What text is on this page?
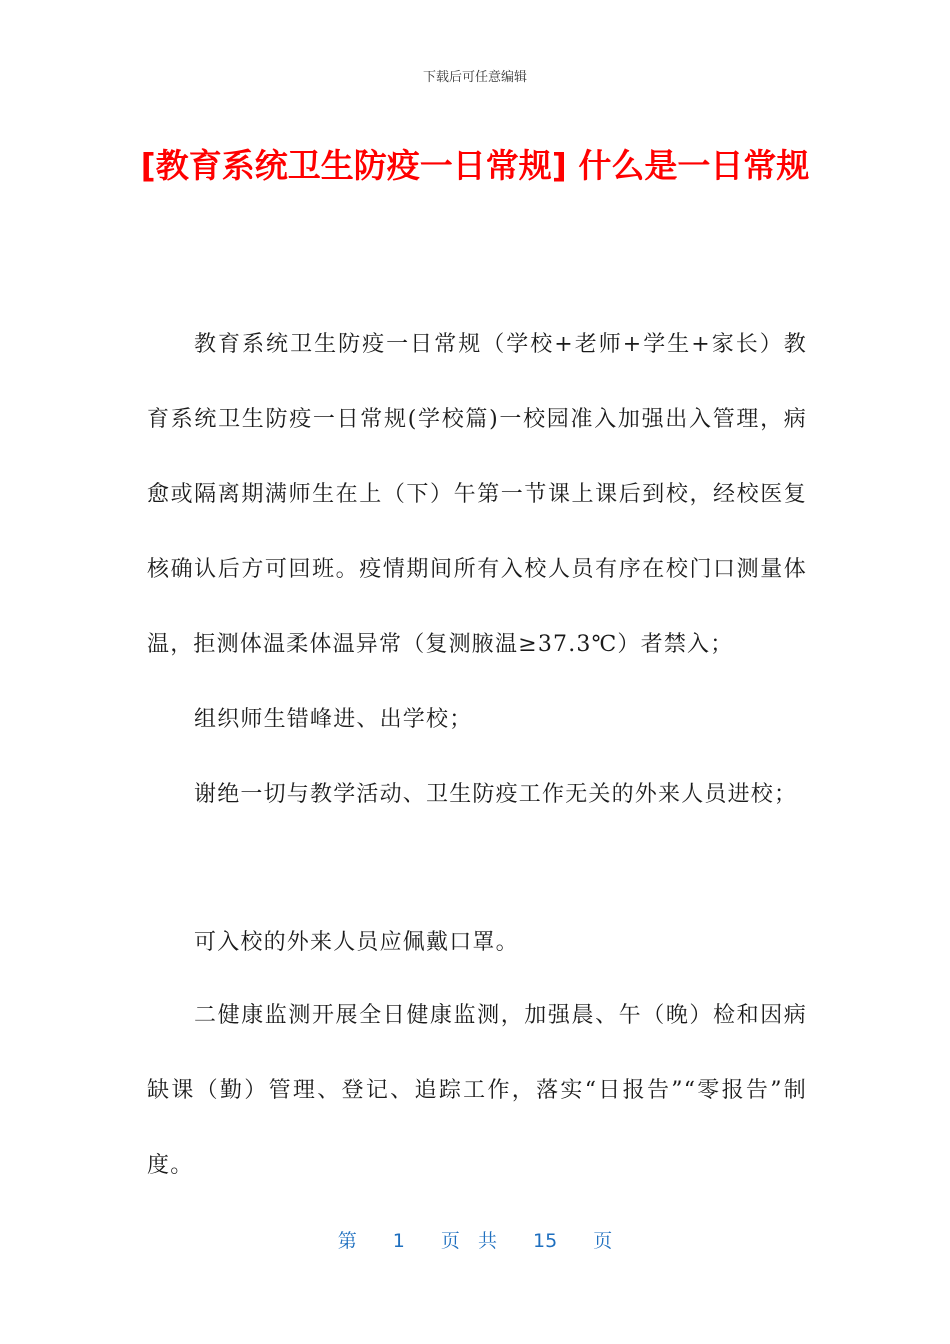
下载后可任意编辑
[教育系统卫生防疫一日常规] 什么是一日常规

教育系统卫生防疫一日常规（学校+老师+学生+家长）教育系统卫生防疫一日常规(学校篇)一校园准入加强出入管理，病愈或隔离期满师生在上（下）午第一节课上课后到校，经校医复核确认后方可回班。疫情期间所有入校人员有序在校门口测量体温，拒测体温柔体温异常（复测腋温≥37.3℃）者禁入；

组织师生错峰进、出学校；

谢绝一切与教学活动、卫生防疫工作无关的外来人员进校；

可入校的外来人员应佩戴口罩。

二健康监测开展全日健康监测，加强晨、午（晚）检和因病缺课（勤）管理、登记、追踪工作，落实“日报告”“零报告”制度。

第 1 页 共 15 页
